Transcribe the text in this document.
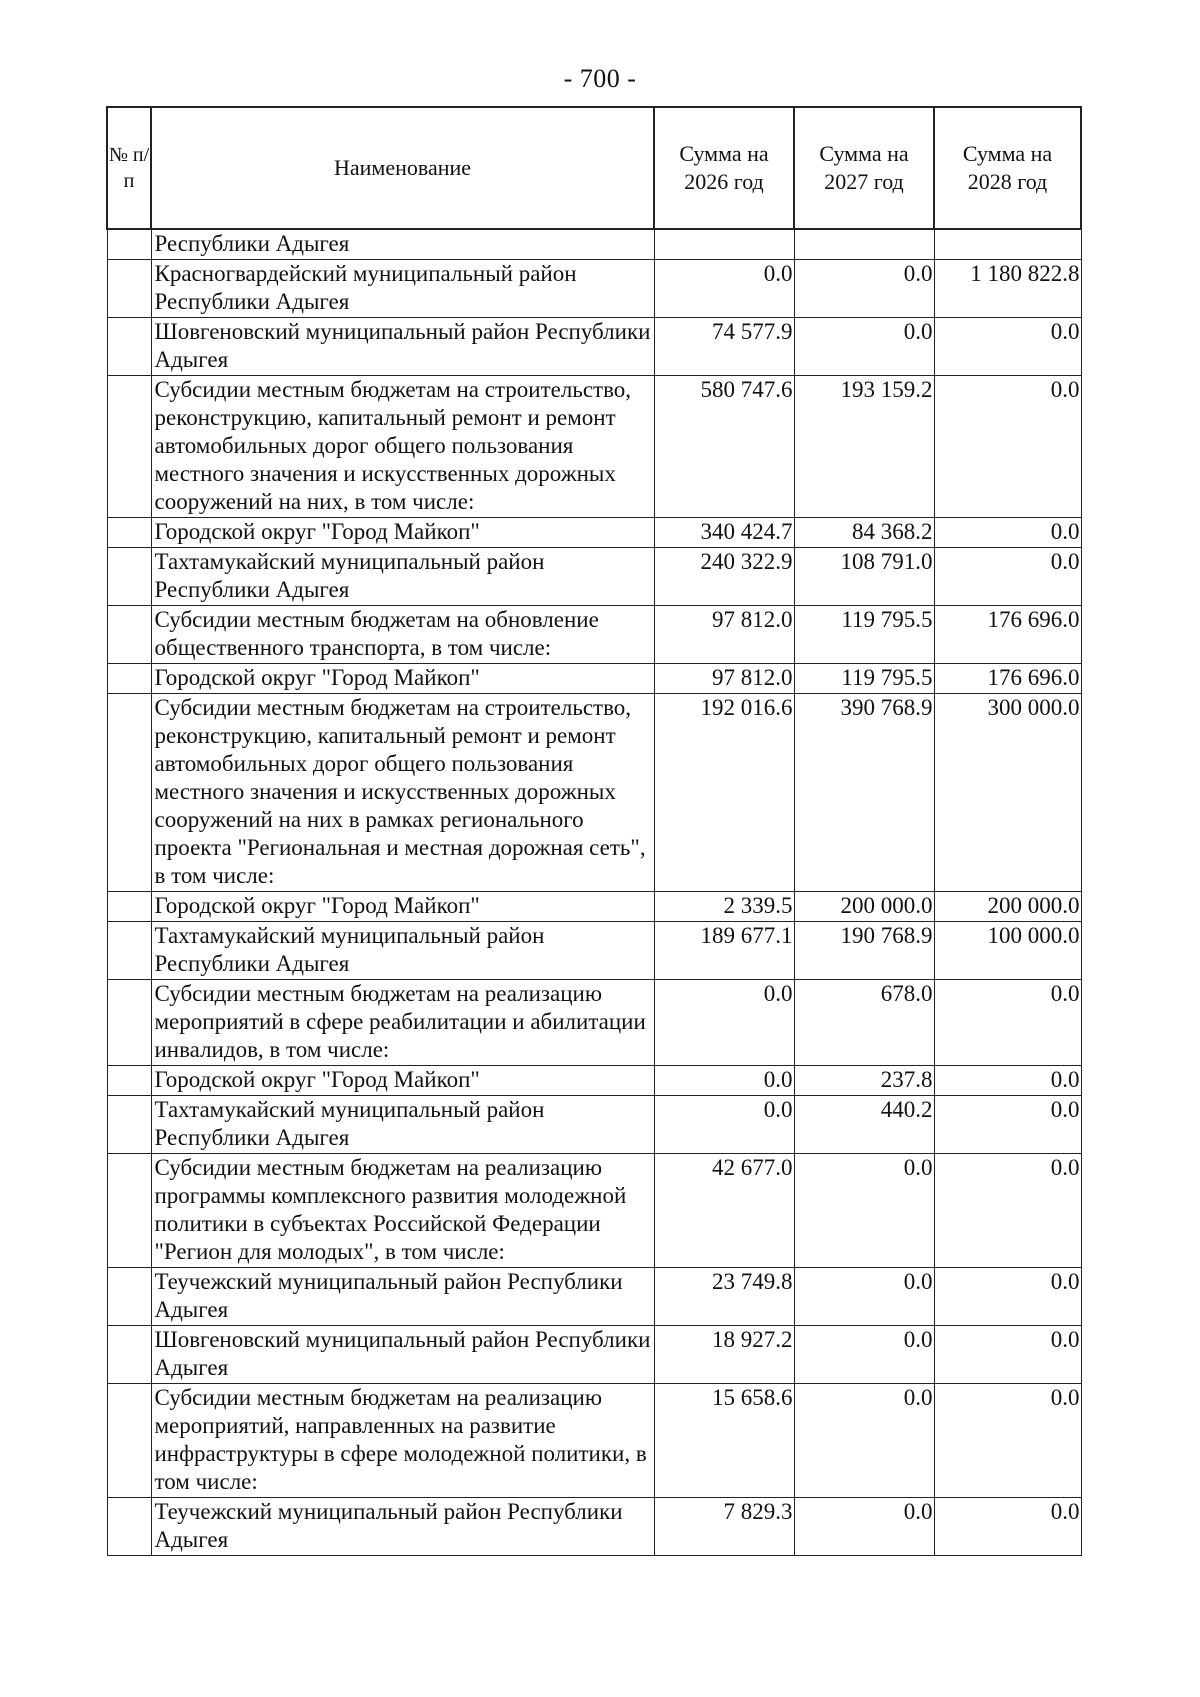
- 700 -
№ п/п	Наименование	Сумма на 2026 год	Сумма на 2027 год	Сумма на 2028 год
	Республики Адыгея			
	Красногвардейский муниципальный район Республики Адыгея	0.0	0.0	1 180 822.8
	Шовгеновский муниципальный район Республики Адыгея	74 577.9	0.0	0.0
	Субсидии местным бюджетам на строительство, реконструкцию, капитальный ремонт и ремонт автомобильных дорог общего пользования местного значения и искусственных дорожных сооружений на них, в том числе:	580 747.6	193 159.2	0.0
	Городской округ "Город Майкоп"	340 424.7	84 368.2	0.0
	Тахтамукайский муниципальный район Республики Адыгея	240 322.9	108 791.0	0.0
	Субсидии местным бюджетам на обновление общественного транспорта, в том числе:	97 812.0	119 795.5	176 696.0
	Городской округ "Город Майкоп"	97 812.0	119 795.5	176 696.0
	Субсидии местным бюджетам на строительство, реконструкцию, капитальный ремонт и ремонт автомобильных дорог общего пользования местного значения и искусственных дорожных сооружений на них в рамках регионального проекта "Региональная и местная дорожная сеть", в том числе:	192 016.6	390 768.9	300 000.0
	Городской округ "Город Майкоп"	2 339.5	200 000.0	200 000.0
	Тахтамукайский муниципальный район Республики Адыгея	189 677.1	190 768.9	100 000.0
	Субсидии местным бюджетам на реализацию мероприятий в сфере реабилитации и абилитации инвалидов, в том числе:	0.0	678.0	0.0
	Городской округ "Город Майкоп"	0.0	237.8	0.0
	Тахтамукайский муниципальный район Республики Адыгея	0.0	440.2	0.0
	Субсидии местным бюджетам на реализацию программы комплексного развития молодежной политики в субъектах Российской Федерации "Регион для молодых", в том числе:	42 677.0	0.0	0.0
	Теучежский муниципальный район Республики Адыгея	23 749.8	0.0	0.0
	Шовгеновский муниципальный район Республики Адыгея	18 927.2	0.0	0.0
	Субсидии местным бюджетам на реализацию мероприятий, направленных на развитие инфраструктуры в сфере молодежной политики, в том числе:	15 658.6	0.0	0.0
	Теучежский муниципальный район Республики Адыгея	7 829.3	0.0	0.0
